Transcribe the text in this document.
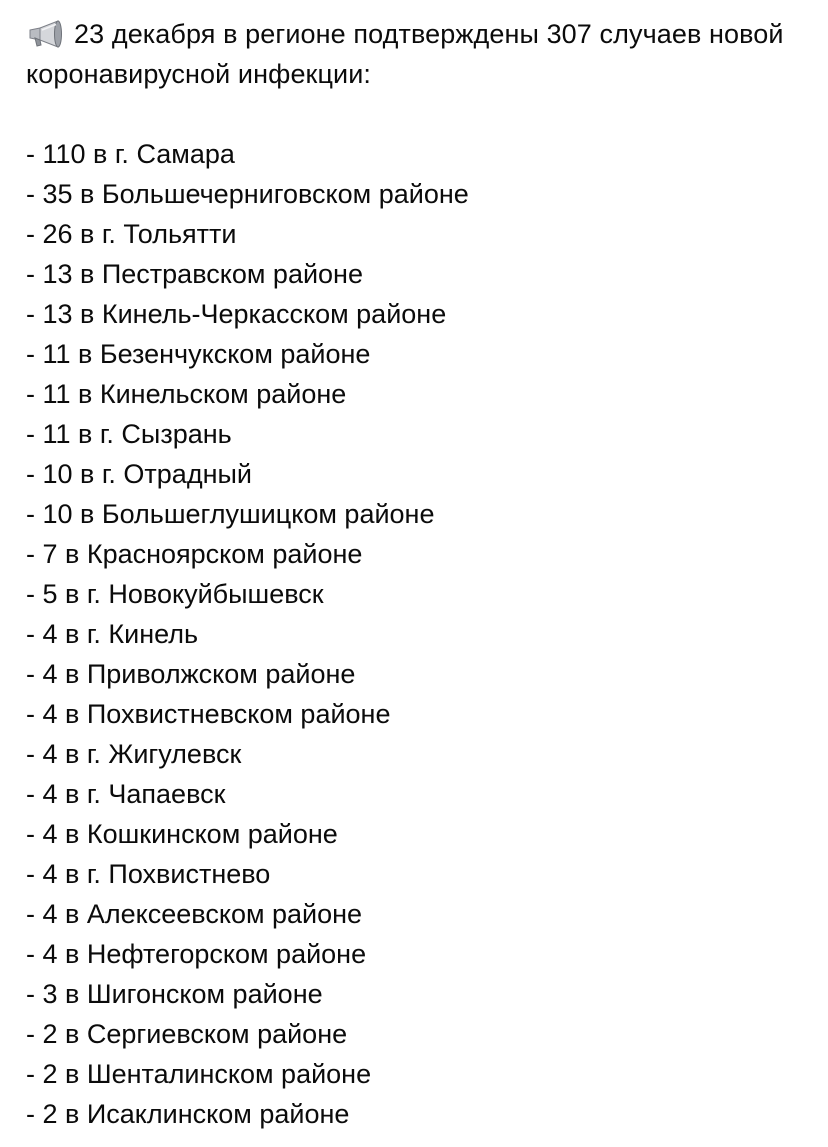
23 декабря в регионе подтверждены 307 случаев новой коронавирусной инфекции:
- 110 в г. Самара
- 35 в Большечерниговском районе
- 26 в г. Тольятти
- 13 в Пестравском районе
- 13 в Кинель-Черкасском районе
- 11 в Безенчукском районе
- 11 в Кинельском районе
- 11 в г. Сызрань
- 10 в г. Отрадный
- 10 в Большеглушицком районе
- 7 в Красноярском районе
- 5 в г. Новокуйбышевск
- 4 в г. Кинель
- 4 в Приволжском районе
- 4 в Похвистневском районе
- 4 в г. Жигулевск
- 4 в г. Чапаевск
- 4 в Кошкинском районе
- 4 в г. Похвистнево
- 4 в Алексеевском районе
- 4 в Нефтегорском районе
- 3 в Шигонском районе
- 2 в Сергиевском районе
- 2 в Шенталинском районе
- 2 в Исаклинском районе
